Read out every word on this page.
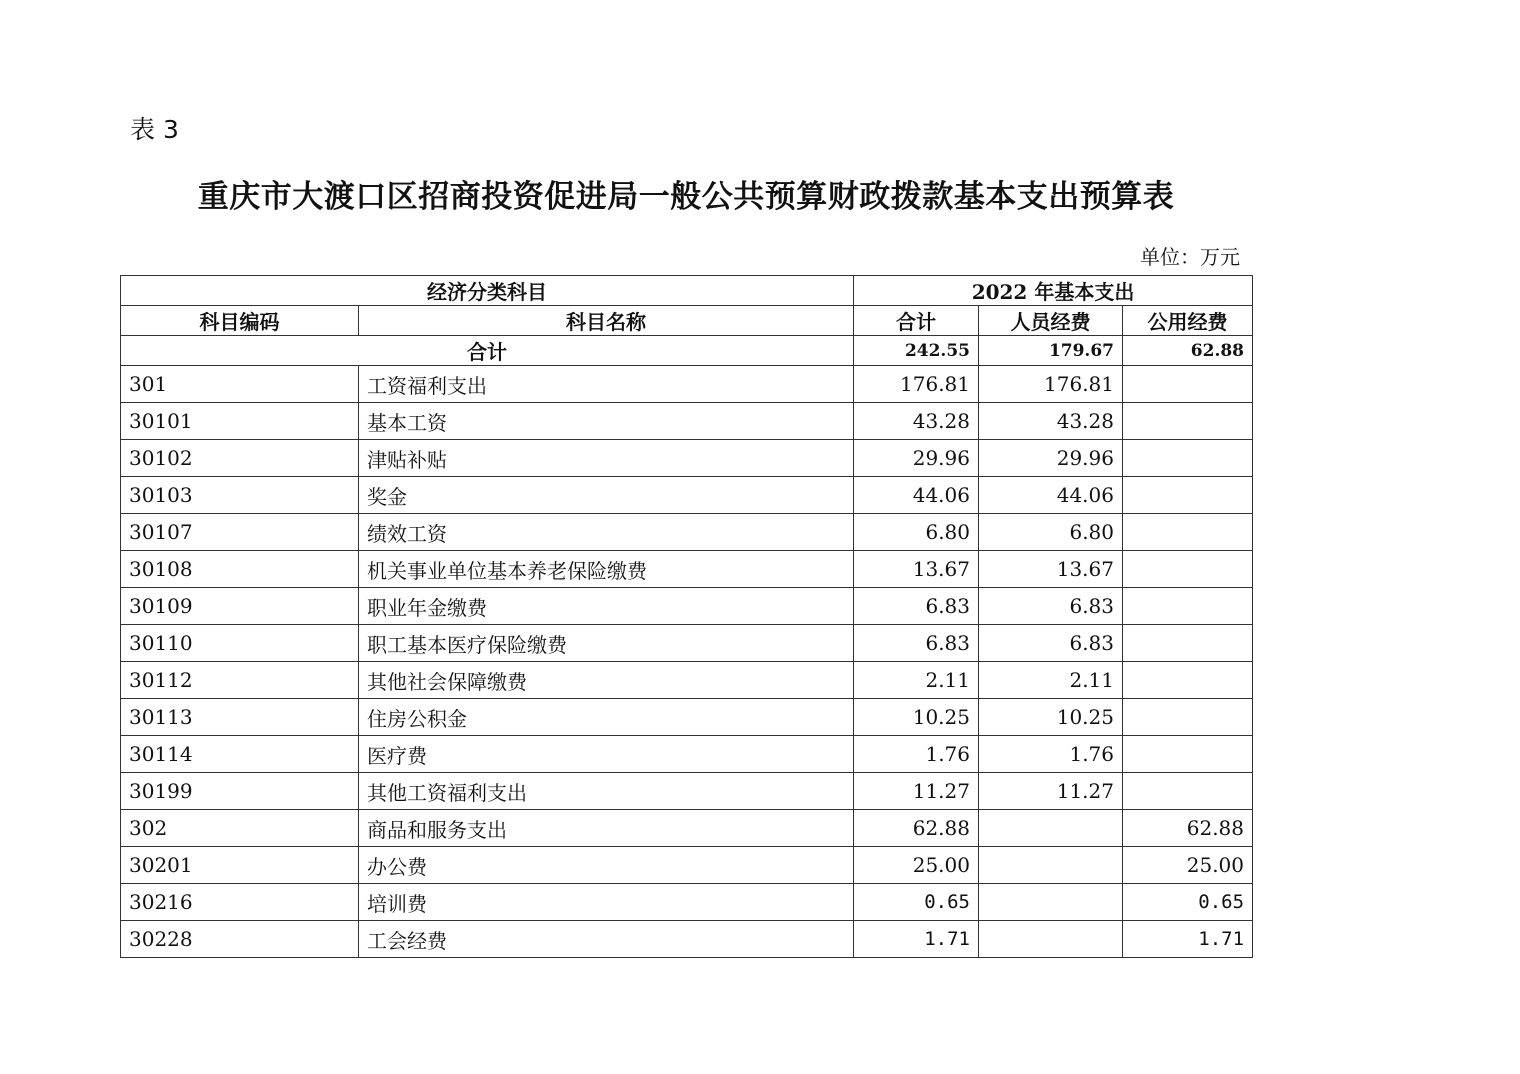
表 3
重庆市大渡口区招商投资促进局一般公共预算财政拨款基本支出预算表
单位：万元
经济分类科目		2022 年基本支出		
科目编码	科目名称	合计	人员经费	公用经费
合计		242.55	179.67	62.88
301	工资福利支出	176.81	176.81	
30101	基本工资	43.28	43.28	
30102	津贴补贴	29.96	29.96	
30103	奖金	44.06	44.06	
30107	绩效工资	6.80	6.80	
30108	机关事业单位基本养老保险缴费	13.67	13.67	
30109	职业年金缴费	6.83	6.83	
30110	职工基本医疗保险缴费	6.83	6.83	
30112	其他社会保障缴费	2.11	2.11	
30113	住房公积金	10.25	10.25	
30114	医疗费	1.76	1.76	
30199	其他工资福利支出	11.27	11.27	
302	商品和服务支出	62.88		62.88
30201	办公费	25.00		25.00
30216	培训费	0.65		0.65
30228	工会经费	1.71		1.71
